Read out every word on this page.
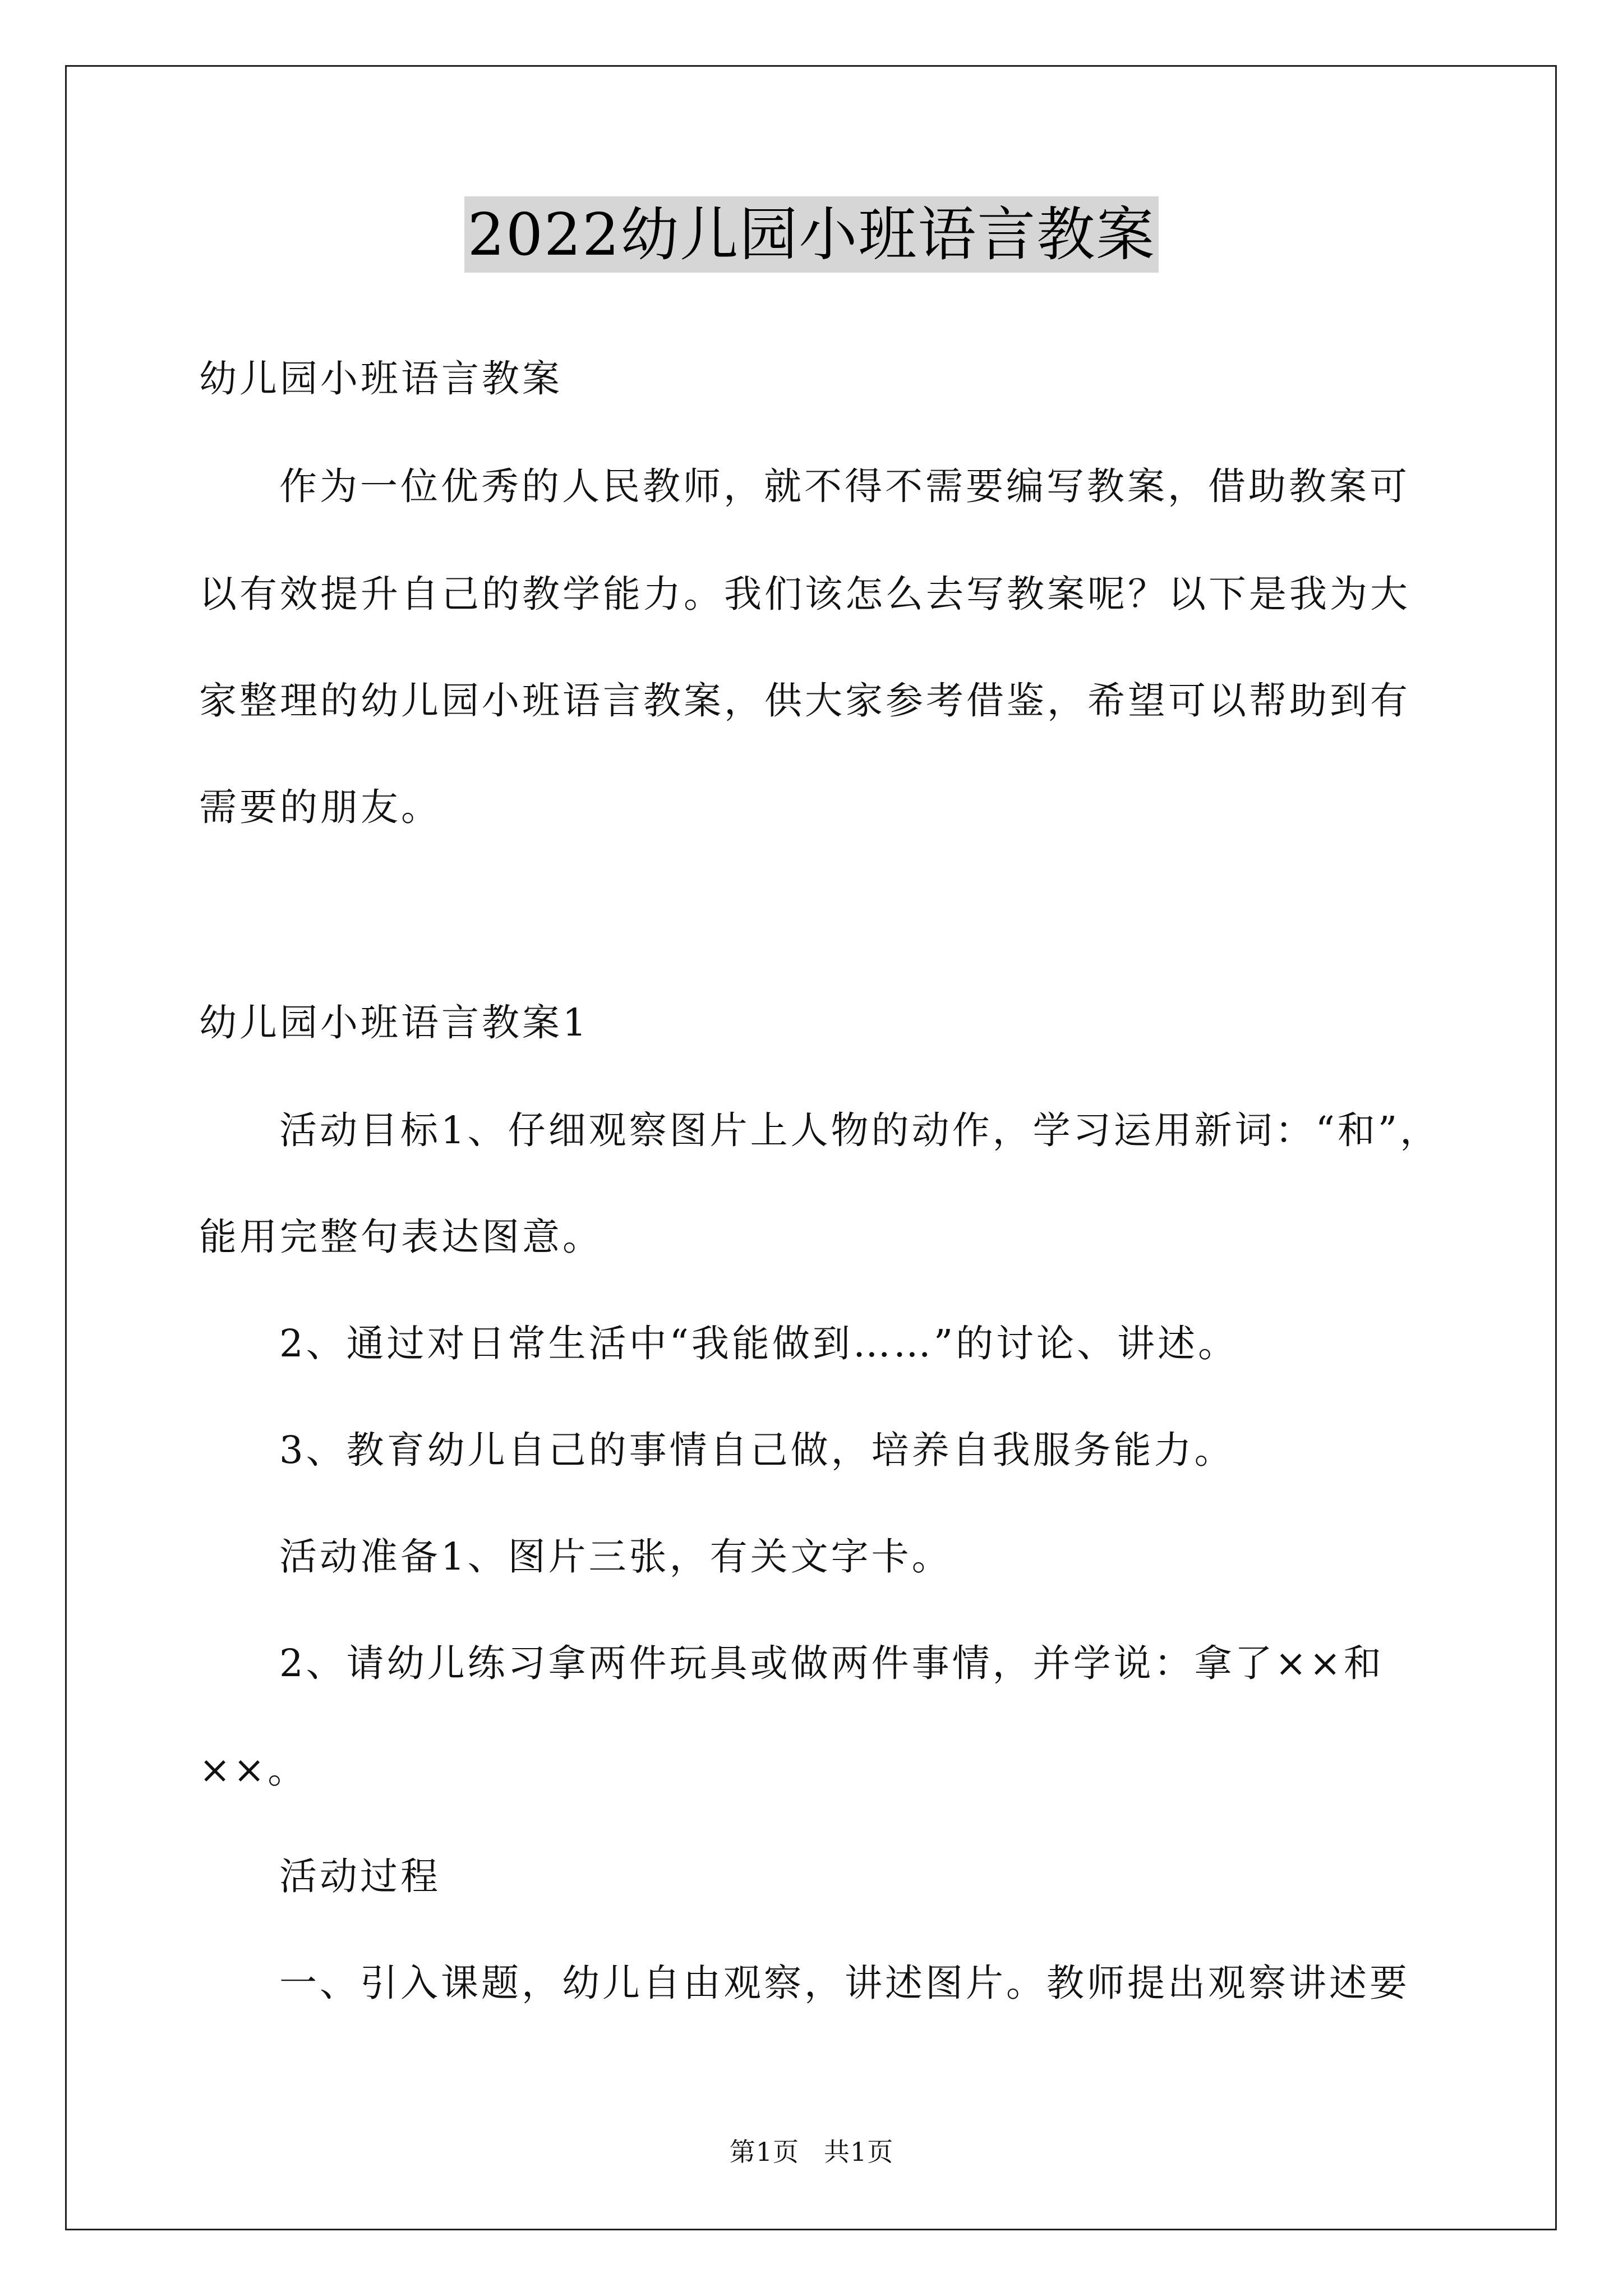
2022幼儿园小班语言教案
幼儿园小班语言教案
作为一位优秀的人民教师，就不得不需要编写教案，借助教案可
以有效提升自己的教学能力。我们该怎么去写教案呢？以下是我为大
家整理的幼儿园小班语言教案，供大家参考借鉴，希望可以帮助到有
需要的朋友。
幼儿园小班语言教案1
活动目标1、仔细观察图片上人物的动作，学习运用新词：“和”，
能用完整句表达图意。
2、通过对日常生活中“我能做到……”的讨论、讲述。
3、教育幼儿自己的事情自己做，培养自我服务能力。
活动准备1、图片三张，有关文字卡。
2、请幼儿练习拿两件玩具或做两件事情，并学说：拿了××和
××。
活动过程
一、引入课题，幼儿自由观察，讲述图片。教师提出观察讲述要
第1页 共1页
